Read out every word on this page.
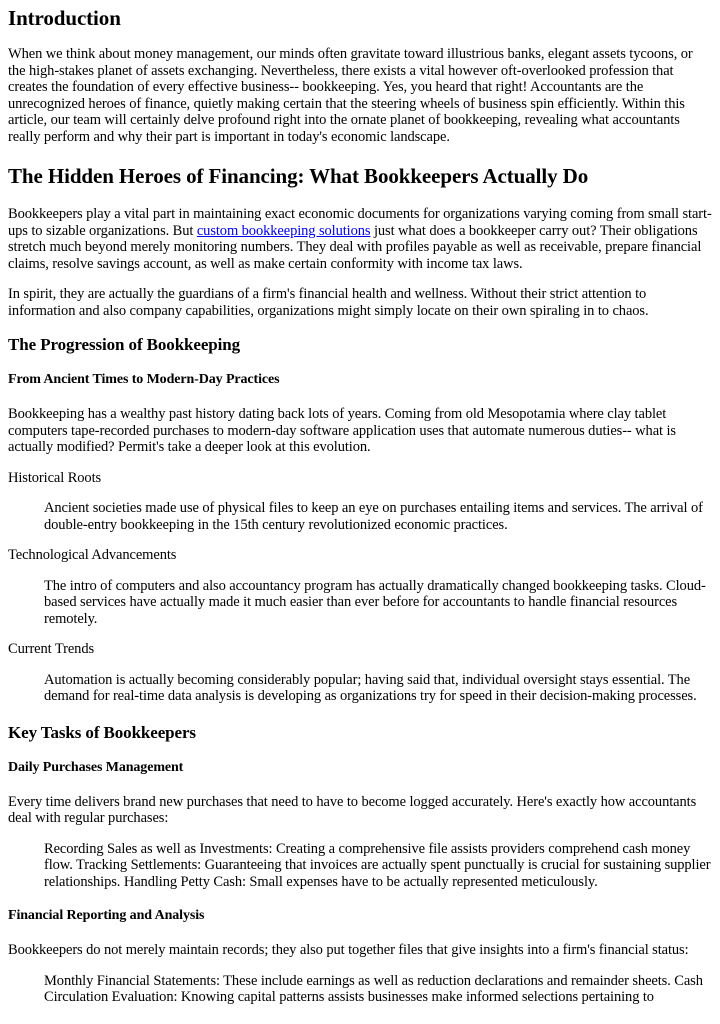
Introduction

When we think about money management, our minds often gravitate toward illustrious banks, elegant assets tycoons, or the high-stakes planet of assets exchanging. Nevertheless, there exists a vital however oft-overlooked profession that creates the foundation of every effective business-- bookkeeping. Yes, you heard that right! Accountants are the unrecognized heroes of finance, quietly making certain that the steering wheels of business spin efficiently. Within this article, our team will certainly delve profound right into the ornate planet of bookkeeping, revealing what accountants really perform and why their part is important in today's economic landscape.

The Hidden Heroes of Financing: What Bookkeepers Actually Do

Bookkeepers play a vital part in maintaining exact economic documents for organizations varying coming from small start-ups to sizable organizations. But custom bookkeeping solutions just what does a bookkeeper carry out? Their obligations stretch much beyond merely monitoring numbers. They deal with profiles payable as well as receivable, prepare financial claims, resolve savings account, as well as make certain conformity with income tax laws.

In spirit, they are actually the guardians of a firm's financial health and wellness. Without their strict attention to information and also company capabilities, organizations might simply locate on their own spiraling in to chaos.

The Progression of Bookkeeping
From Ancient Times to Modern-Day Practices

Bookkeeping has a wealthy past history dating back lots of years. Coming from old Mesopotamia where clay tablet computers tape-recorded purchases to modern-day software application uses that automate numerous duties-- what is actually modified? Permit's take a deeper look at this evolution.

Historical Roots

Ancient societies made use of physical files to keep an eye on purchases entailing items and services. The arrival of double-entry bookkeeping in the 15th century revolutionized economic practices.

Technological Advancements

The intro of computers and also accountancy program has actually dramatically changed bookkeeping tasks. Cloud-based services have actually made it much easier than ever before for accountants to handle financial resources remotely.

Current Trends

Automation is actually becoming considerably popular; having said that, individual oversight stays essential. The demand for real-time data analysis is developing as organizations try for speed in their decision-making processes.

Key Tasks of Bookkeepers
Daily Purchases Management

Every time delivers brand new purchases that need to have to become logged accurately. Here's exactly how accountants deal with regular purchases:

Recording Sales as well as Investments: Creating a comprehensive file assists providers comprehend cash money flow. Tracking Settlements: Guaranteeing that invoices are actually spent punctually is crucial for sustaining supplier relationships. Handling Petty Cash: Small expenses have to be actually represented meticulously.

Financial Reporting and Analysis

Bookkeepers do not merely maintain records; they also put together files that give insights into a firm's financial status:

Monthly Financial Statements: These include earnings as well as reduction declarations and remainder sheets. Cash Circulation Evaluation: Knowing capital patterns assists businesses make informed selections pertaining to
